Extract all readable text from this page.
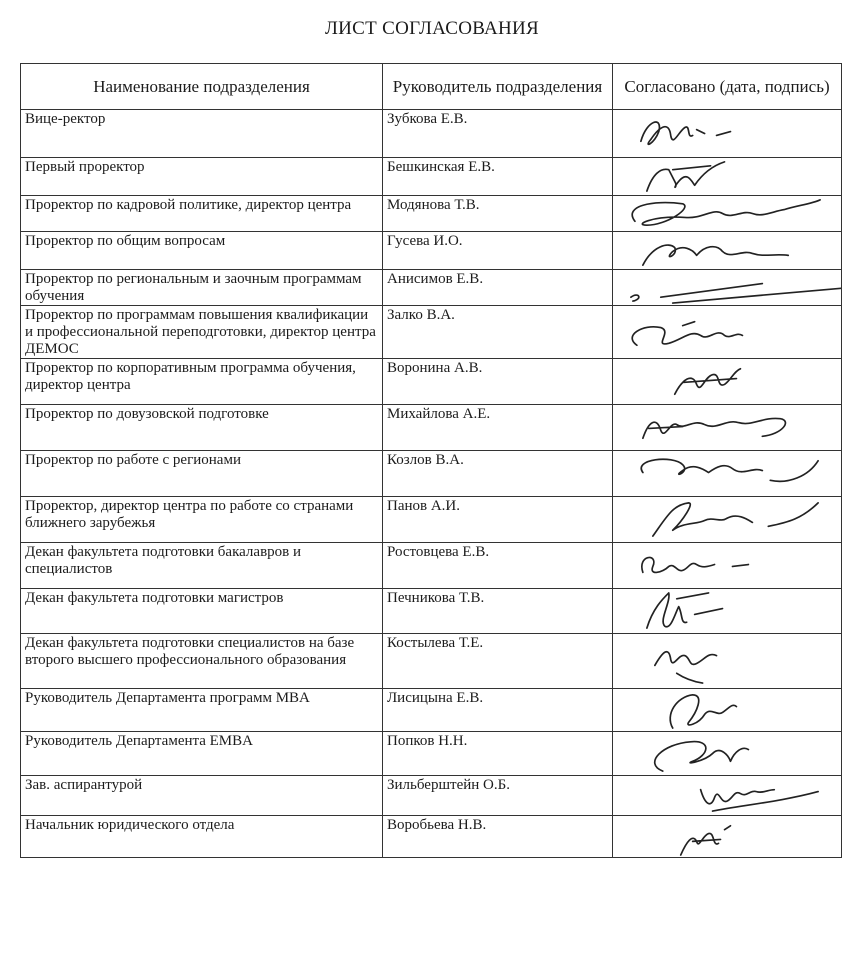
ЛИСТ СОГЛАСОВАНИЯ
Наименование подразделения	Руководитель подразделения	Согласовано (дата, подпись)
Вице-ректор	Зубкова Е.В.	

Первый проректор	Бешкинская Е.В.	

Проректор по кадровой политике, директор центра	Модянова Т.В.	

Проректор по общим вопросам	Гусева И.О.	

Проректор по региональным и заочным программам обучения	Анисимов Е.В.	

Проректор по программам повышения квалификации и профессиональной переподготовки, директор центра ДЕМОС	Залко В.А.	

Проректор по корпоративным программа обучения, директор центра	Воронина А.В.	

Проректор по довузовской подготовке	Михайлова А.Е.	

Проректор по работе с регионами	Козлов В.А.	

Проректор, директор центра по работе со странами ближнего зарубежья	Панов А.И.	

Декан факультета подготовки бакалавров и специалистов	Ростовцева Е.В.	

Декан факультета подготовки магистров	Печникова Т.В.	

Декан факультета подготовки специалистов на базе второго высшего профессионального образования	Костылева Т.Е.	

Руководитель Департамента программ MBA	Лисицына Е.В.	

Руководитель Департамента EMBA	Попков Н.Н.	

Зав. аспирантурой	Зильберштейн О.Б.	

Начальник юридического отдела	Воробьева Н.В.	
